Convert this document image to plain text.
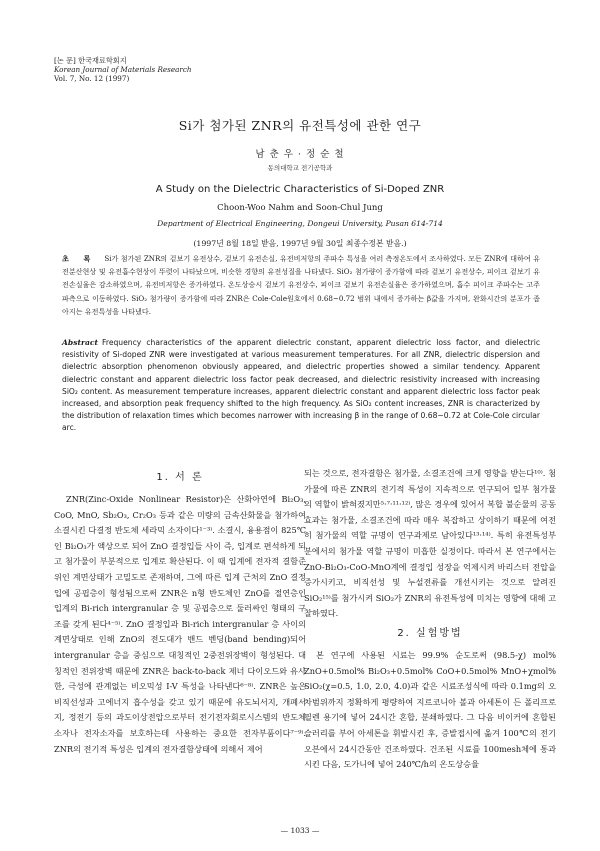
[논 문] 한국재료학회지
Korean Journal of Materials Research
Vol. 7, No. 12 (1997)
Si가 첨가된 ZNR의 유전특성에 관한 연구
남 춘 우 · 정 순 철
동의대학교 전기공학과
A Study on the Dielectric Characteristics of Si-Doped ZNR
Choon-Woo Nahm and Soon-Chul Jung
Department of Electrical Engineering, Dongeui University, Pusan 614-714
(1997년 8월 18일 받음, 1997년 9월 30일 최종수정본 받음.)
초 록 Si가 첨가된 ZNR의 겉보기 유전상수, 겉보기 유전손실, 유전비저항의 주파수 특성을 여러 측정온도에서 조사하였다. 모든 ZNR에 대하여 유전분산현상 및 유전흡수현상이 뚜렷이 나타났으며, 비슷한 경향의 유전성질을 나타냈다. SiO₂ 첨가량이 증가함에 따라 겉보기 유전상수, 피이크 겉보기 유전손실율은 감소하였으며, 유전비저항은 증가하였다. 온도상승시 겉보기 유전상수, 피이크 겉보기 유전손실율은 증가하였으며, 흡수 피이크 주파수는 고주파측으로 이동하였다. SiO₂ 첨가량이 증가함에 따라 ZNR은 Cole-Cole원호에서 0.68~0.72 범위 내에서 증가하는 β값을 가지며, 완화시간의 분포가 좁아지는 유전특성을 나타냈다.
Abstract Frequency characteristics of the apparent dielectric constant, apparent dielectric loss factor, and dielectric resistivity of Si-doped ZNR were investigated at various measurement temperatures. For all ZNR, dielectric dispersion and dielectric absorption phenomenon obviously appeared, and dielectric properties showed a similar tendency. Apparent dielectric constant and apparent dielectric loss factor peak decreased, and dielectric resistivity increased with increasing SiO₂ content. As measurement temperature increases, apparent dielectric constant and apparent dielectric loss factor peak increased, and absorption peak frequency shifted to the high frequency. As SiO₂ content increases, ZNR is characterized by the distribution of relaxation times which becomes narrower with increasing β in the range of 0.68~0.72 at Cole-Cole circular arc.
1. 서 론

ZNR(Zinc-Oxide Nonlinear Resistor)은 산화아연에 Bi₂O₃, CoO, MnO, Sb₂O₃, Cr₂O₃ 등과 같은 미량의 금속산화물을 첨가하여 소결시킨 다결정 반도체 세라믹 소자이다¹⁻³⁾. 소결시, 융용점이 825℃인 Bi₂O₃가 액상으로 되어 ZnO 결정입들 사이 즉, 입계로 편석하게 되고 첨가물이 부분적으로 입계로 확산된다. 이 때 입계에 전자적 결함준위인 계면상태가 고밀도로 존재하며, 그에 따른 입계 근처의 ZnO 결정입에 공핍층이 형성됨으로써 ZNR은 n형 반도체인 ZnO를 절연층인 입계의 Bi-rich intergranular 층 및 공핍층으로 둘러싸인 형태의 구조를 갖게 된다⁴⁻⁵⁾. ZnO 결정입과 Bi-rich intergranular 층 사이의 계면상태로 인해 ZnO의 전도대가 밴드 벤딩(band bending)되어 intergranular 층을 중심으로 대칭적인 2중전위장벽이 형성된다. 대칭적인 전위장벽 때문에 ZNR은 back-to-back 제너 다이오드와 유사한, 극성에 관계없는 비오믹성 I-V 특성을 나타낸다⁶⁻⁸⁾. ZNR은 높은 비직선성과 고에너지 흡수성을 갖고 있기 때문에 유도뇌서지, 개폐서지, 정전기 등의 과도이상전압으로부터 전기전자회로시스템의 반도체소자나 전자소자를 보호하는데 사용하는 중요한 전자부품이다⁷⁻⁹⁾. ZNR의 전기적 특성은 입계의 전자결함상태에 의해서 제어

되는 것으로, 전자결함은 첨가물, 소결조건에 크게 영향을 받는다¹⁰⁾. 첨가물에 따른 ZNR의 전기적 특성이 지속적으로 연구되어 일부 첨가물의 역할이 밝혀졌지만⁵·⁷·¹¹·¹²⁾, 많은 경우에 있어서 복합 불순물의 공동효과는 첨가물, 소결조건에 따라 매우 복잡하고 상이하기 때문에 여전히 첨가물의 역할 규명이 연구과제로 남아있다¹³·¹⁴⁾. 특히 유전특성부분에서의 첨가물 역할 규명이 미흡한 실정이다. 따라서 본 연구에서는 ZnO-Bi₂O₃-CoO-MnO계에 결정입 성장을 억제시켜 바리스터 전압을 증가시키고, 비직선성 및 누설전류를 개선시키는 것으로 알려진 SiO₂¹⁵⁾를 첨가시켜 SiO₂가 ZNR의 유전특성에 미치는 영향에 대해 고찰하였다.

2. 실험방법

본 연구에 사용된 시료는 99.9% 순도로써 (98.5-χ) mol% ZnO+0.5mol% Bi₂O₃+0.5mol% CoO+0.5mol% MnO+χmol% SiO₂(χ=0.5, 1.0, 2.0, 4.0)과 같은 시료조성식에 따라 0.1mg의 오차범위까지 정확하게 평량하여 지르코니아 볼과 아세톤이 든 폴리프로필렌 용기에 넣어 24시간 혼합, 분쇄하였다. 그 다음 비이커에 혼합된 슬러리를 부어 아세톤을 휘발시킨 후, 증발접시에 옮겨 100℃의 전기오븐에서 24시간동안 건조하였다. 건조된 시료를 100mesh체에 통과시킨 다음, 도가니에 넣어 240℃/h의 온도상승율

— 1033 —
